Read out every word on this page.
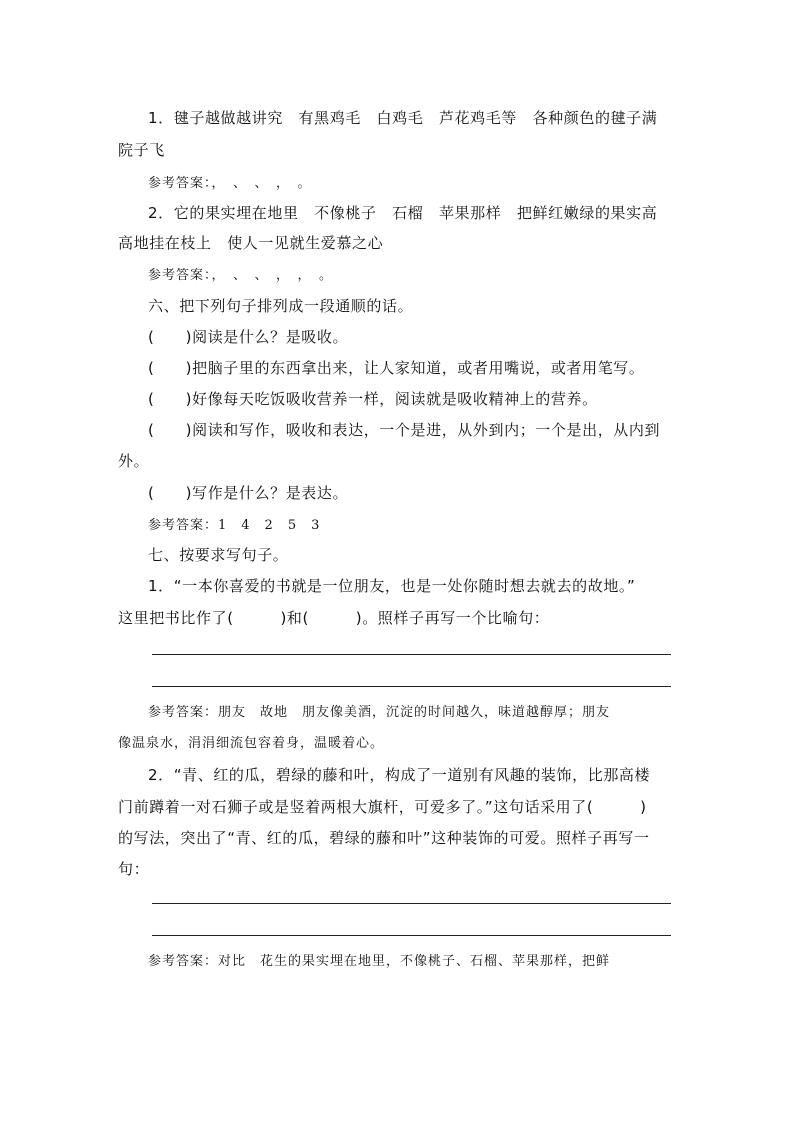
1．毽子越做越讲究　有黑鸡毛　白鸡毛　芦花鸡毛等　各种颜色的毽子满
院子飞
参考答案：，　、　、　，　。
2．它的果实埋在地里　不像桃子　石榴　苹果那样　把鲜红嫩绿的果实高
高地挂在枝上　使人一见就生爱慕之心
参考答案：，　、　、　，　，　。
六、把下列句子排列成一段通顺的话。
(　　)阅读是什么？是吸收。
(　　)把脑子里的东西拿出来，让人家知道，或者用嘴说，或者用笔写。
(　　)好像每天吃饭吸收营养一样，阅读就是吸收精神上的营养。
(　　)阅读和写作，吸收和表达，一个是进，从外到内；一个是出，从内到
外。
(　　)写作是什么？是表达。
参考答案：1　4　2　5　3
七、按要求写句子。
1．“一本你喜爱的书就是一位朋友，也是一处你随时想去就去的故地。”
这里把书比作了(　　　)和(　　　)。照样子再写一个比喻句：
参考答案：朋友　故地　朋友像美酒，沉淀的时间越久，味道越醇厚；朋友
像温泉水，涓涓细流包容着身，温暖着心。
2．“青、红的瓜，碧绿的藤和叶，构成了一道别有风趣的装饰，比那高楼
门前蹲着一对石狮子或是竖着两根大旗杆，可爱多了。”这句话采用了(　　　)
的写法，突出了“青、红的瓜，碧绿的藤和叶”这种装饰的可爱。照样子再写一
句：
参考答案：对比　花生的果实埋在地里，不像桃子、石榴、苹果那样，把鲜
